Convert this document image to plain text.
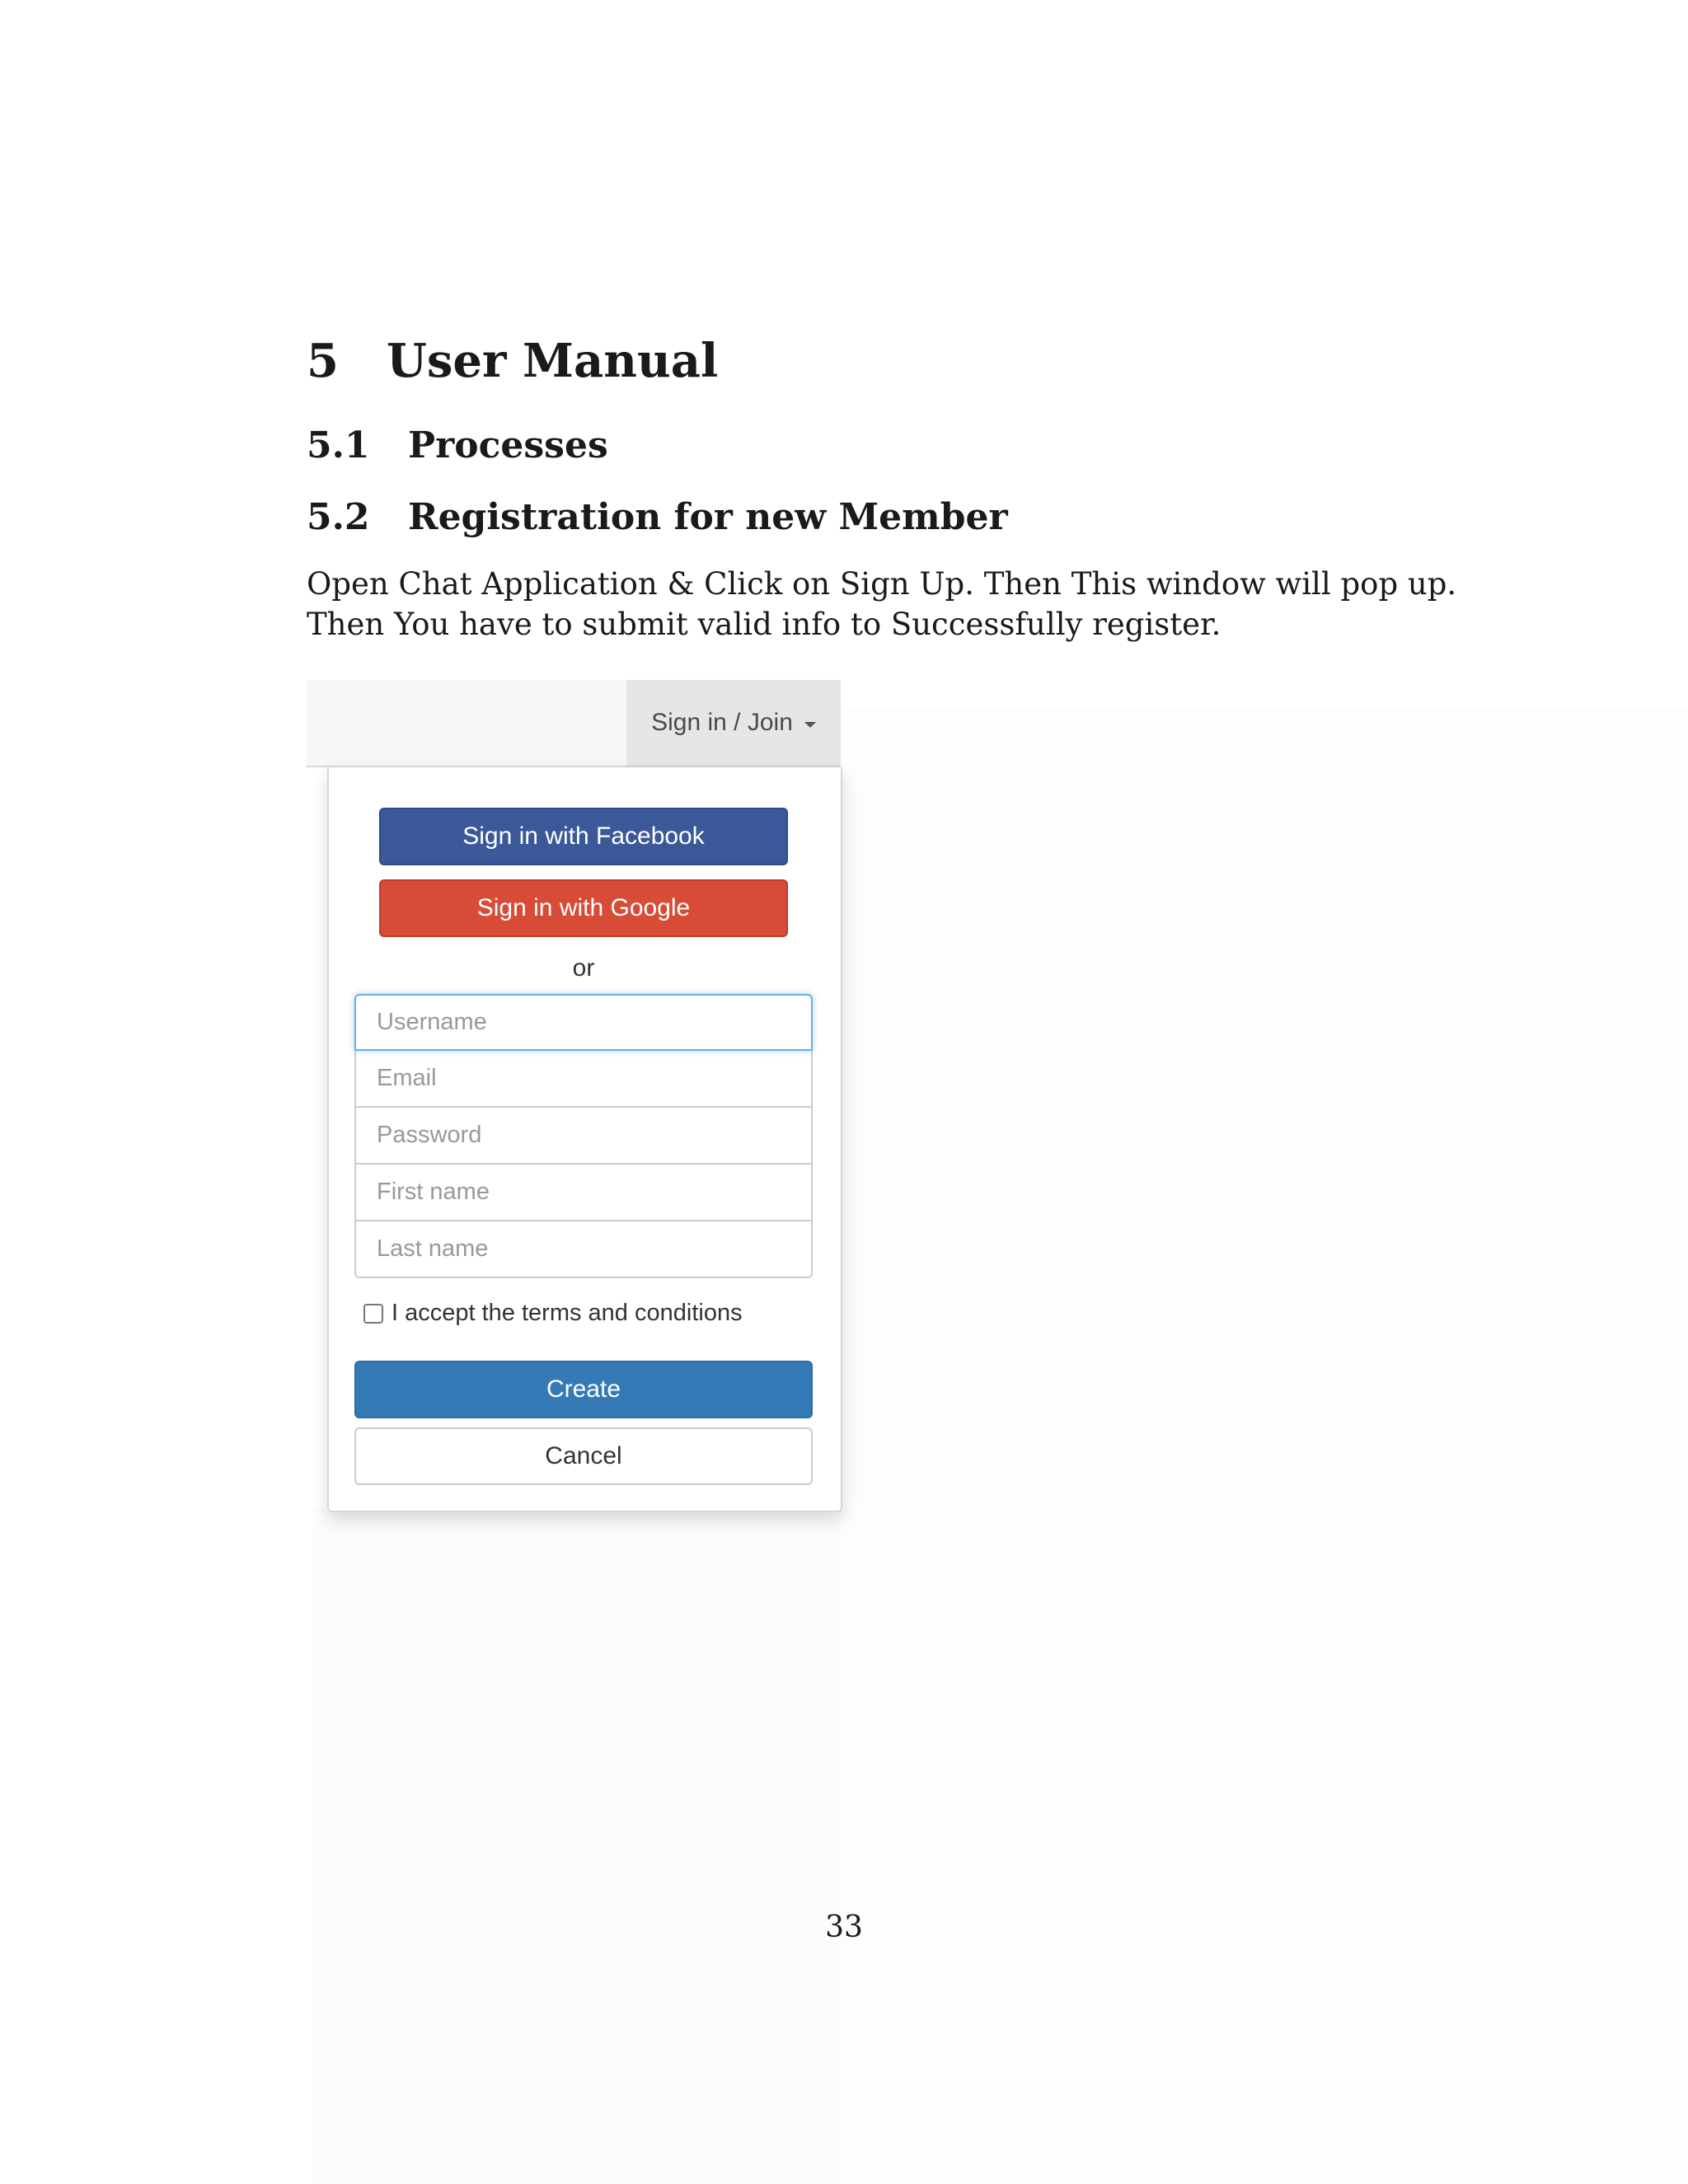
5 User Manual
5.1 Processes
5.2 Registration for new Member
Open Chat Application & Click on Sign Up. Then This window will pop up.
Then You have to submit valid info to Successfully register.
Sign in / Join
Sign in with Facebook
Sign in with Google
or
Username
Email
Password
First name
Last name
I accept the terms and conditions
Create
Cancel
33
